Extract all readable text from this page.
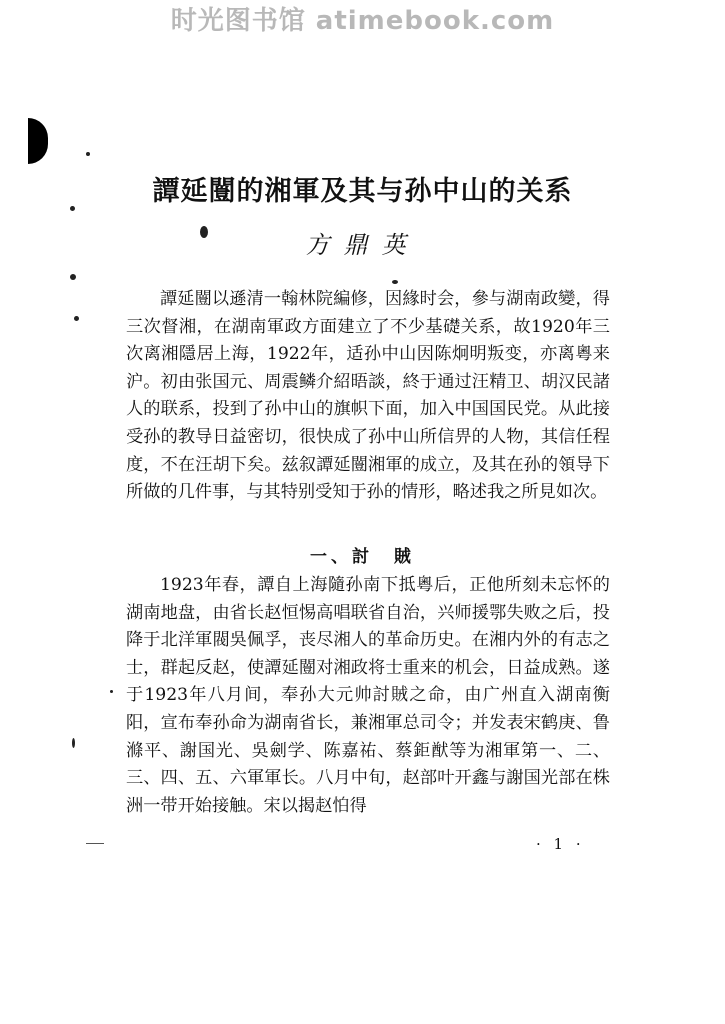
时光图书馆 atimebook.com
譚延闓的湘軍及其与孙中山的关系
方鼎英

譚延闓以遜清一翰林院編修，因緣时会，參与湖南政變，得三次督湘，在湖南軍政方面建立了不少基礎关系，故1920年三次离湘隱居上海，1922年，适孙中山因陈炯明叛变，亦离粵来沪。初由张国元、周震鳞介紹晤談，終于通过汪精卫、胡汉民諸人的联系，投到了孙中山的旗帜下面，加入中国国民党。从此接受孙的教导日益密切，很快成了孙中山所信畀的人物，其信任程度，不在汪胡下矣。兹叙譚延闓湘軍的成立，及其在孙的領导下所做的几件事，与其特别受知于孙的情形，略述我之所見如次。

一、討　賊

1923年春，譚自上海隨孙南下抵粵后，正他所刻未忘怀的湖南地盘，由省长赵恒惕高唱联省自治，兴师援鄂失败之后，投降于北洋軍閥吳佩孚，丧尽湘人的革命历史。在湘内外的有志之士，群起反赵，使譚延闓对湘政将士重来的机会，日益成熟。遂于1923年八月间，奉孙大元帅討賊之命，由广州直入湖南衡阳，宣布奉孙命为湖南省长，兼湘軍总司令；并发表宋鹤庚、鲁滌平、謝国光、吳劍学、陈嘉祐、蔡鉅猷等为湘軍第一、二、三、四、五、六軍軍长。八月中旬，赵部叶开鑫与謝国光部在株洲一带开始接触。宋以揭赵怕得

· 1 ·
